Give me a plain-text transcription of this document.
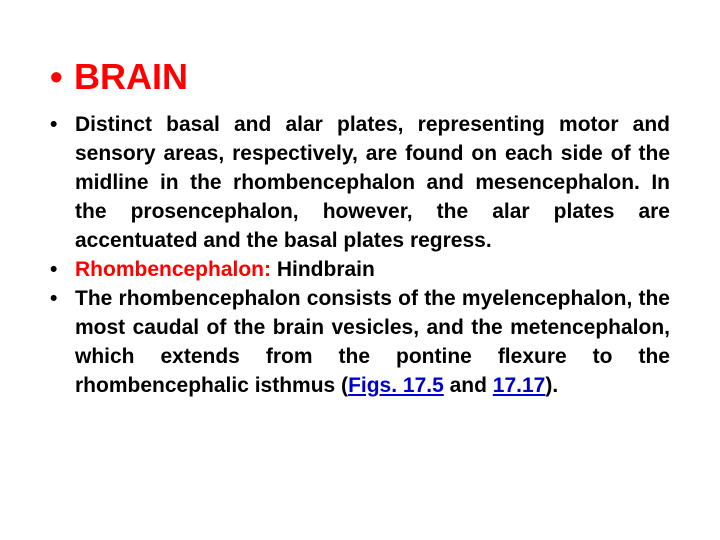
• BRAIN
• Distinct basal and alar plates, representing motor and sensory areas, respectively, are found on each side of the midline in the rhombencephalon and mesencephalon. In the prosencephalon, however, the alar plates are accentuated and the basal plates regress.
• Rhombencephalon: Hindbrain
• The rhombencephalon consists of the myelencephalon, the most caudal of the brain vesicles, and the metencephalon, which extends from the pontine flexure to the rhombencephalic isthmus (Figs. 17.5 and 17.17).
